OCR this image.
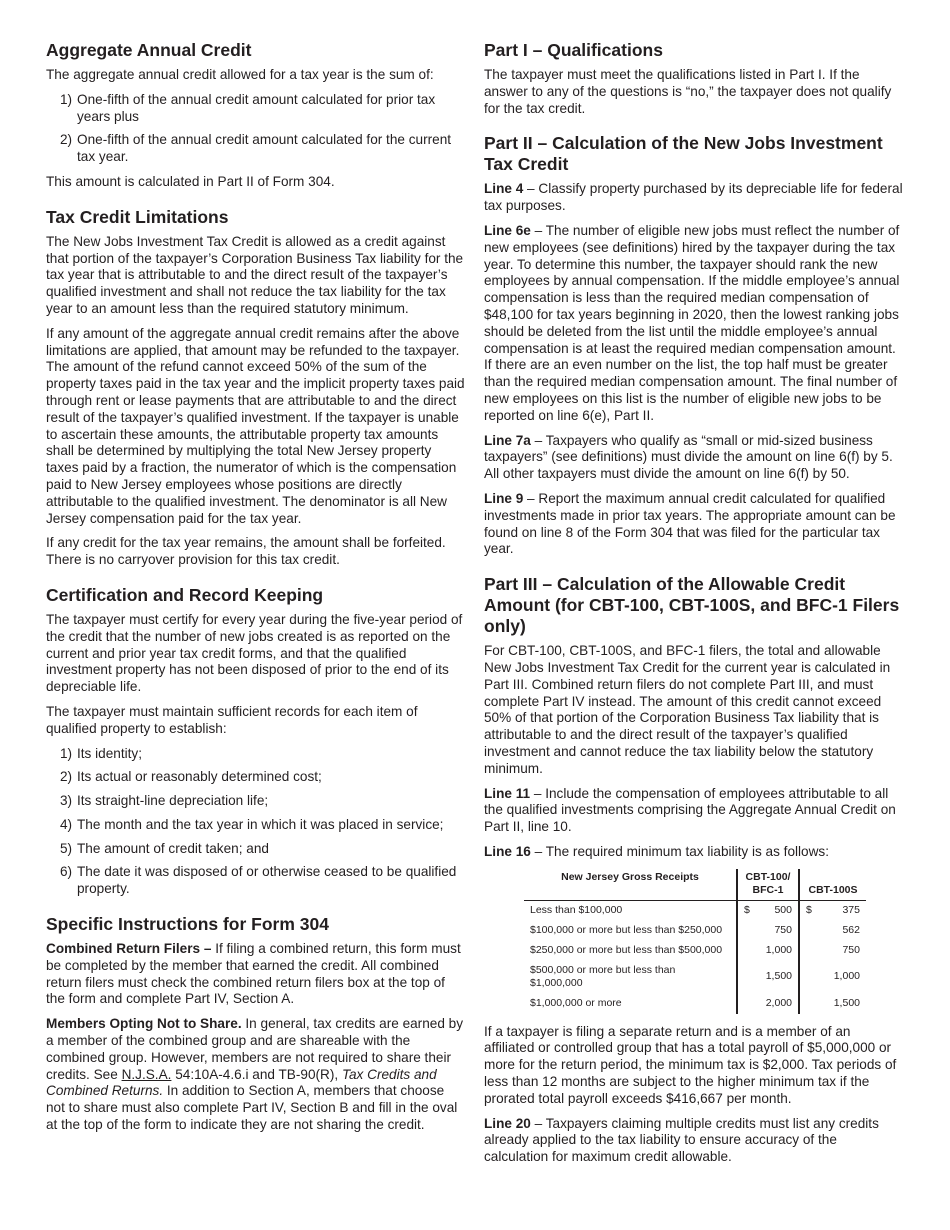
Aggregate Annual Credit

The aggregate annual credit allowed for a tax year is the sum of:

1) One-fifth of the annual credit amount calculated for prior tax years plus
2) One-fifth of the annual credit amount calculated for the current tax year.

This amount is calculated in Part II of Form 304.

Tax Credit Limitations

The New Jobs Investment Tax Credit is allowed as a credit against that portion of the taxpayer’s Corporation Business Tax liability for the tax year that is attributable to and the direct result of the taxpayer’s qualified investment and shall not reduce the tax liability for the tax year to an amount less than the required statutory minimum.

If any amount of the aggregate annual credit remains after the above limitations are applied, that amount may be refunded to the taxpayer. The amount of the refund cannot exceed 50% of the sum of the property taxes paid in the tax year and the implicit property taxes paid through rent or lease payments that are attributable to and the direct result of the taxpayer’s qualified investment. If the taxpayer is unable to ascertain these amounts, the attributable property tax amounts shall be determined by multiplying the total New Jersey property taxes paid by a fraction, the numerator of which is the compensation paid to New Jersey employees whose positions are directly attributable to the qualified investment. The denominator is all New Jersey compensation paid for the tax year.

If any credit for the tax year remains, the amount shall be forfeited. There is no carryover provision for this tax credit.

Certification and Record Keeping

The taxpayer must certify for every year during the five-year period of the credit that the number of new jobs created is as reported on the current and prior year tax credit forms, and that the qualified investment property has not been disposed of prior to the end of its depreciable life.

The taxpayer must maintain sufficient records for each item of qualified property to establish:

1) Its identity;
2) Its actual or reasonably determined cost;
3) Its straight-line depreciation life;
4) The month and the tax year in which it was placed in service;
5) The amount of credit taken; and
6) The date it was disposed of or otherwise ceased to be qualified property.
Specific Instructions for Form 304

Combined Return Filers – If filing a combined return, this form must be completed by the member that earned the credit. All combined return filers must check the combined return filers box at the top of the form and complete Part IV, Section A.

Members Opting Not to Share. In general, tax credits are earned by a member of the combined group and are shareable with the combined group. However, members are not required to share their credits. See N.J.S.A. 54:10A-4.6.i and TB-90(R), Tax Credits and Combined Returns. In addition to Section A, members that choose not to share must also complete Part IV, Section B and fill in the oval at the top of the form to indicate they are not sharing the credit.

Part I – Qualifications

The taxpayer must meet the qualifications listed in Part I. If the answer to any of the questions is “no,” the taxpayer does not qualify for the tax credit.

Part II – Calculation of the New Jobs Investment Tax Credit

Line 4 – Classify property purchased by its depreciable life for federal tax purposes.

Line 6e – The number of eligible new jobs must reflect the number of new employees (see definitions) hired by the taxpayer during the tax year. To determine this number, the taxpayer should rank the new employees by annual compensation. If the middle employee’s annual compensation is less than the required median compensation of $48,100 for tax years beginning in 2020, then the lowest ranking jobs should be deleted from the list until the middle employee’s annual compensation is at least the required median compensation amount. If there are an even number on the list, the top half must be greater than the required median compensation amount. The final number of new employees on this list is the number of eligible new jobs to be reported on line 6(e), Part II.

Line 7a – Taxpayers who qualify as “small or mid-sized business taxpayers” (see definitions) must divide the amount on line 6(f) by 5. All other taxpayers must divide the amount on line 6(f) by 50.

Line 9 – Report the maximum annual credit calculated for qualified investments made in prior tax years. The appropriate amount can be found on line 8 of the Form 304 that was filed for the particular tax year.

Part III – Calculation of the Allowable Credit Amount (for CBT-100, CBT-100S, and BFC-1 Filers only)

For CBT-100, CBT-100S, and BFC-1 filers, the total and allowable New Jobs Investment Tax Credit for the current year is calculated in Part III. Combined return filers do not complete Part III, and must complete Part IV instead. The amount of this credit cannot exceed 50% of that portion of the Corporation Business Tax liability that is attributable to and the direct result of the taxpayer’s qualified investment and cannot reduce the tax liability below the statutory minimum.

Line 11 – Include the compensation of employees attributable to all the qualified investments comprising the Aggregate Annual Credit on Part II, line 10.

Line 16 – The required minimum tax liability is as follows:

New Jersey Gross Receipts	CBT-100/ BFC-1	CBT-100S
Less than $100,000	$ 500	$ 375
$100,000 or more but less than $250,000	750	562
$250,000 or more but less than $500,000	1,000	750
$500,000 or more but less than $1,000,000	1,500	1,000
$1,000,000 or more	2,000	1,500

If a taxpayer is filing a separate return and is a member of an affiliated or controlled group that has a total payroll of $5,000,000 or more for the return period, the minimum tax is $2,000. Tax periods of less than 12 months are subject to the higher minimum tax if the prorated total payroll exceeds $416,667 per month.

Line 20 – Taxpayers claiming multiple credits must list any credits already applied to the tax liability to ensure accuracy of the calculation for maximum credit allowable.
